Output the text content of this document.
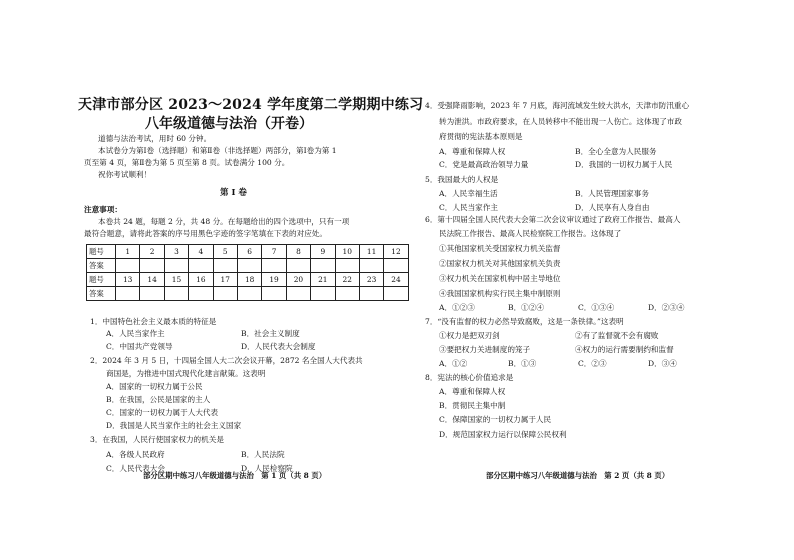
天津市部分区 2023～2024 学年度第二学期期中练习
八年级道德与法治（开卷）
道德与法治考试，用时 60 分钟。
本试卷分为第Ⅰ卷（选择题）和第Ⅱ卷（非选择题）两部分，第Ⅰ卷为第 1
页至第 4 页，第Ⅱ卷为第 5 页至第 8 页。试卷满分 100 分。
祝你考试顺利！
第 Ⅰ 卷
注意事项：
本卷共 24 题，每题 2 分，共 48 分。在每题给出的四个选项中，只有一项
最符合题意，请将此答案的序号用黑色字迹的签字笔填在下表的对应处。
题号	1	2	3	4	5	6	7	8	9	10	11	12
答案												
题号	13	14	15	16	17	18	19	20	21	22	23	24
答案												
1．中国特色社会主义最本质的特征是
A．人民当家作主	B．社会主义制度
C．中国共产党领导	D．人民代表大会制度
2．2024 年 3 月 5 日，十四届全国人大二次会议开幕，2872 名全国人大代表共
商国是，为推进中国式现代化建言献策。这表明
A．国家的一切权力属于公民
B．在我国，公民是国家的主人
C．国家的一切权力属于人大代表
D．我国是人民当家作主的社会主义国家
3．在我国，人民行使国家权力的机关是
A．各级人民政府	B．人民法院
C．人民代表大会	D．人民检察院
部分区期中练习八年级道德与法治　第 1 页（共 8 页）
4．受强降雨影响，2023 年 7 月底，海河流域发生较大洪水，天津市防汛重心
转为泄洪。市政府要求，在人员转移中不能出现一人伤亡。这体现了市政
府贯彻的宪法基本原则是
A．尊重和保障人权	B．全心全意为人民服务
C．党是最高政治领导力量	D．我国的一切权力属于人民
5．我国最大的人权是
A．人民幸福生活	B．人民管理国家事务
C．人民当家作主	D．人民享有人身自由
6．第十四届全国人民代表大会第二次会议审议通过了政府工作报告、最高人
民法院工作报告、最高人民检察院工作报告。这体现了
①其他国家机关受国家权力机关监督
②国家权力机关对其他国家机关负责
③权力机关在国家机构中居主导地位
④我国国家机构实行民主集中制原则
A．①②③	B．①②④	C．①③④	D．②③④
7．“没有监督的权力必然导致腐败，这是一条铁律。”这表明
①权力是把双刃剑	②有了监督就不会有腐败
③要把权力关进制度的笼子	④权力的运行需要制约和监督
A．①②	B．①③	C．②③	D．③④
8．宪法的核心价值追求是
A．尊重和保障人权
B．贯彻民主集中制
C．保障国家的一切权力属于人民
D．规范国家权力运行以保障公民权利
部分区期中练习八年级道德与法治　第 2 页（共 8 页）
